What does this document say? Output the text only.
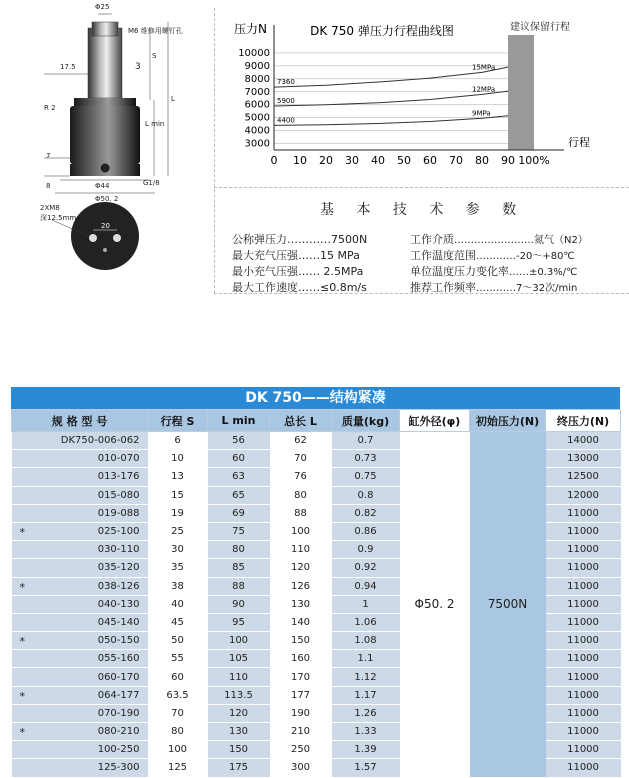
Φ25
M6 维修用螺钉孔
17.5	3
S
L
L min
R 2
7
8	Φ44	G1/8
Φ50. 2
2XM8
深12.5mm
20
建议保留行程
10000
9000
8000
7000
6000
5000
4000
3000
压力N
行程
DK 750 弹压力行程曲线图
0 10 20 30 40 50 60 70 80 90 100%
7360
15MPa
5900
12MPa
4400
9MPa
基 本 技 术 参 数
公称弹压力…………7500N
最大充气压强……15 MPa
最小充气压强…… 2.5MPa
最大工作速度……≤0.8m/s
工作介质……………………氮气（N2）
工作温度范围…………-20～+80℃
单位温度压力变化率……±0.3%/℃
推荐工作频率…………7～32次/min
DK 750——结构紧凑
规 格 型 号	行程 S	L min	总长 L	质量(kg)	缸外径(φ)	初始压力(N)	终压力(N)

DK750-006-062	6	56	62	0.7	Φ50. 2	7500N	14000

010-070	10	60	70	0.73			13000

013-176	13	63	76	0.75			12500

015-080	15	65	80	0.8			12000

019-088	19	69	88	0.82			11000

* 025-100	25	75	100	0.86			11000

030-110	30	80	110	0.9			11000

035-120	35	85	120	0.92			11000

* 038-126	38	88	126	0.94			11000

040-130	40	90	130	1			11000

045-140	45	95	140	1.06			11000

* 050-150	50	100	150	1.08			11000

055-160	55	105	160	1.1			11000

060-170	60	110	170	1.12			11000

* 064-177	63.5	113.5	177	1.17			11000

070-190	70	120	190	1.26			11000

* 080-210	80	130	210	1.33			11000

100-250	100	150	250	1.39			11000

125-300	125	175	300	1.57			11000
